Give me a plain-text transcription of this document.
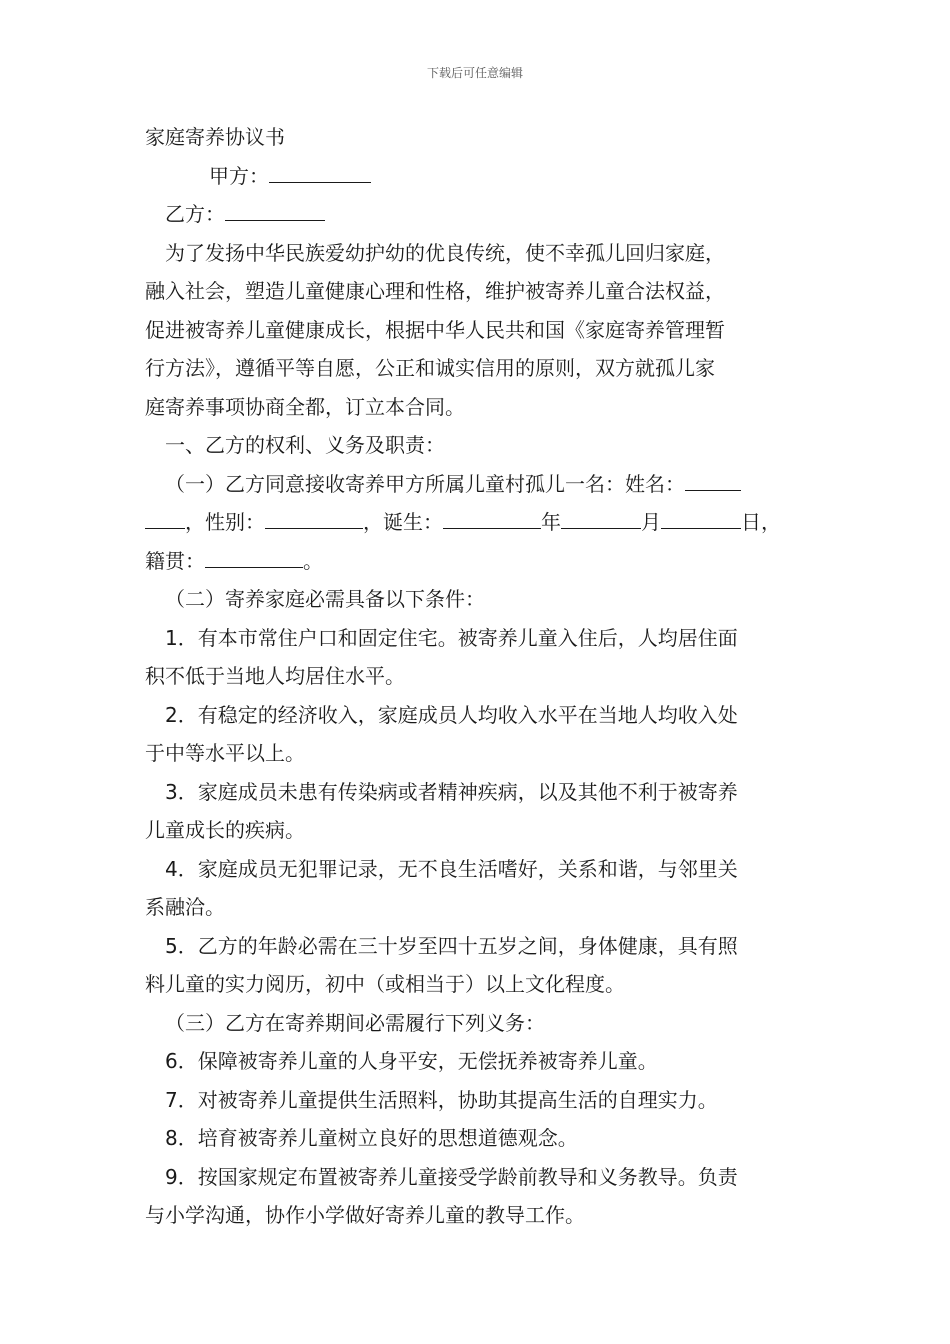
下载后可任意编辑
家庭寄养协议书
甲方：
乙方：
为了发扬中华民族爱幼护幼的优良传统，使不幸孤儿回归家庭，
融入社会，塑造儿童健康心理和性格，维护被寄养儿童合法权益，
促进被寄养儿童健康成长，根据中华人民共和国《家庭寄养管理暂
行方法》，遵循平等自愿，公正和诚实信用的原则，双方就孤儿家
庭寄养事项协商全都，订立本合同。
一、乙方的权利、义务及职责：
（一）乙方同意接收寄养甲方所属儿童村孤儿一名：姓名：
，性别：	，诞生：	年	月	日，
籍贯：	。
（二）寄养家庭必需具备以下条件：
1．有本市常住户口和固定住宅。被寄养儿童入住后，人均居住面
积不低于当地人均居住水平。
2．有稳定的经济收入，家庭成员人均收入水平在当地人均收入处
于中等水平以上。
3．家庭成员未患有传染病或者精神疾病，以及其他不利于被寄养
儿童成长的疾病。
4．家庭成员无犯罪记录，无不良生活嗜好，关系和谐，与邻里关
系融洽。
5．乙方的年龄必需在三十岁至四十五岁之间，身体健康，具有照
料儿童的实力阅历，初中（或相当于）以上文化程度。
（三）乙方在寄养期间必需履行下列义务：
6．保障被寄养儿童的人身平安，无偿抚养被寄养儿童。
7．对被寄养儿童提供生活照料，协助其提高生活的自理实力。
8．培育被寄养儿童树立良好的思想道德观念。
9．按国家规定布置被寄养儿童接受学龄前教导和义务教导。负责
与小学沟通，协作小学做好寄养儿童的教导工作。
